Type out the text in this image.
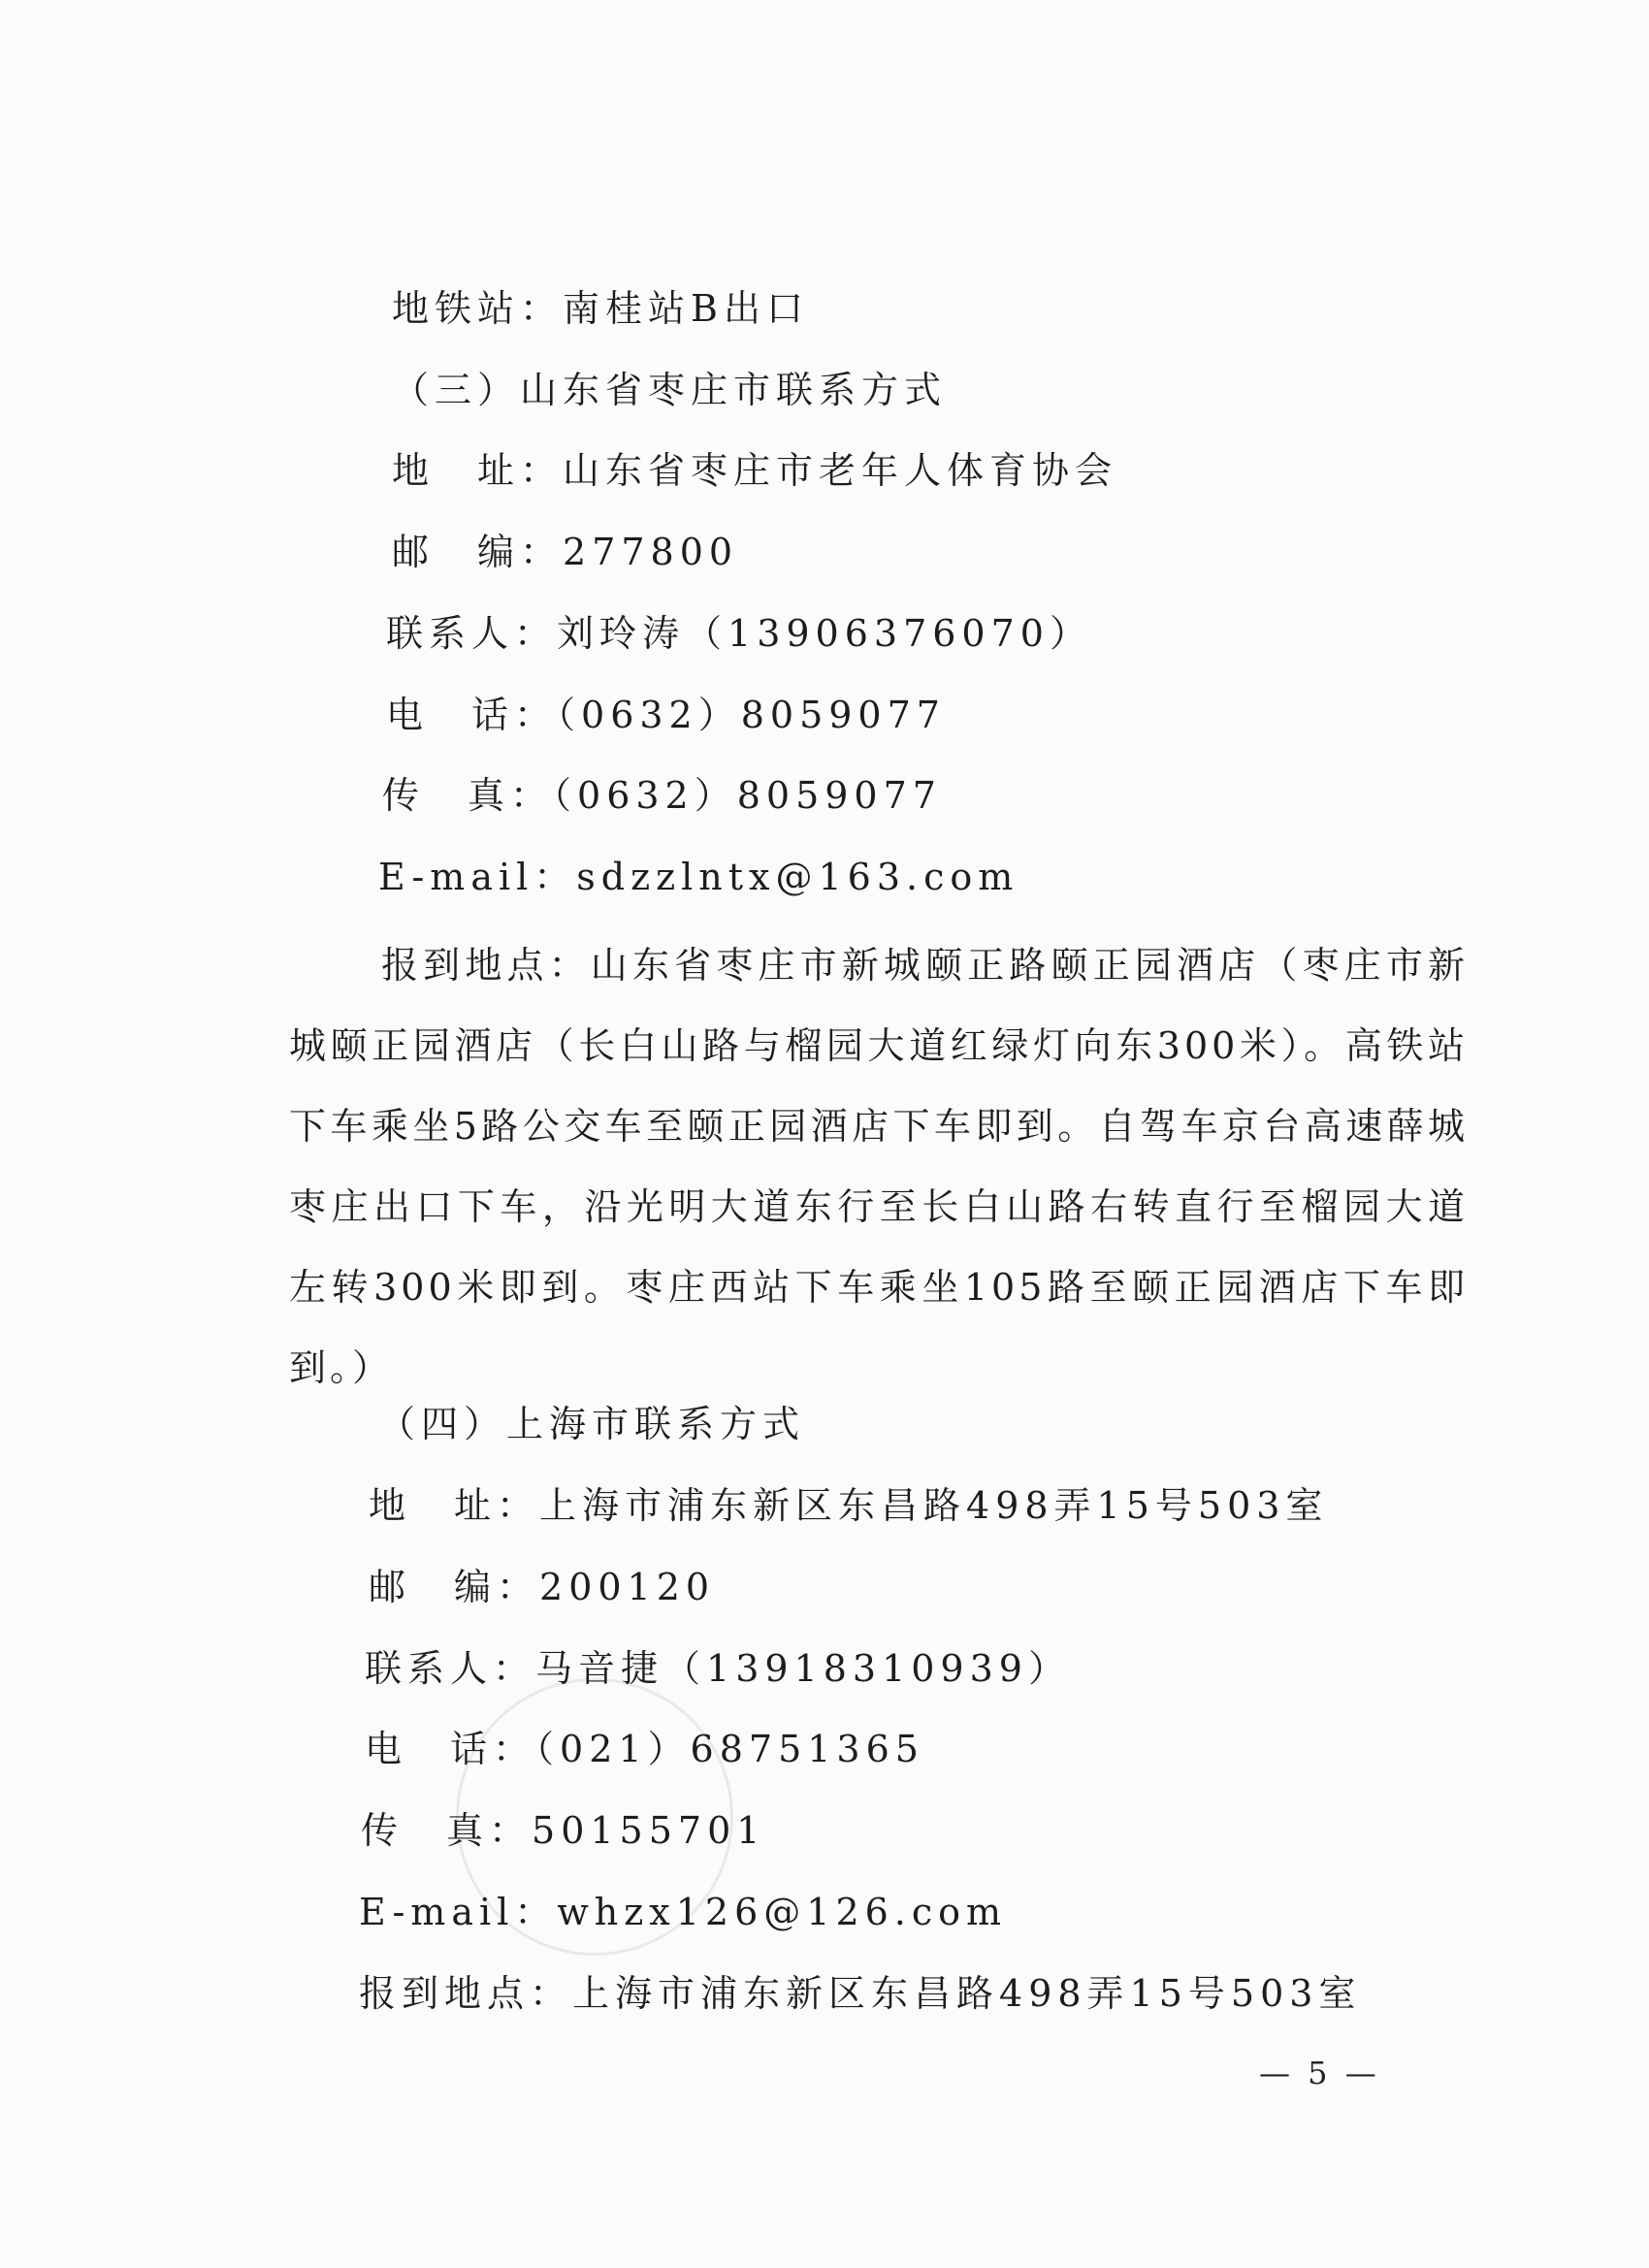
地铁站：南桂站B出口
（三）山东省枣庄市联系方式
地　址：山东省枣庄市老年人体育协会
邮　编：277800
联系人：刘玲涛（13906376070）
电　话：（0632）8059077
传　真：（0632）8059077
E-mail：sdzzlntx@163.com
报到地点：山东省枣庄市新城颐正路颐正园酒店（枣庄市新城颐正园酒店（长白山路与榴园大道红绿灯向东300米）。高铁站下车乘坐5路公交车至颐正园酒店下车即到。自驾车京台高速薛城枣庄出口下车，沿光明大道东行至长白山路右转直行至榴园大道左转300米即到。枣庄西站下车乘坐105路至颐正园酒店下车即到。）
（四）上海市联系方式
地　址：上海市浦东新区东昌路498弄15号503室
邮　编：200120
联系人：马音捷（13918310939）
电　话：（021）68751365
传　真：50155701
E-mail：whzx126@126.com
报到地点：上海市浦东新区东昌路498弄15号503室
— 5 —
